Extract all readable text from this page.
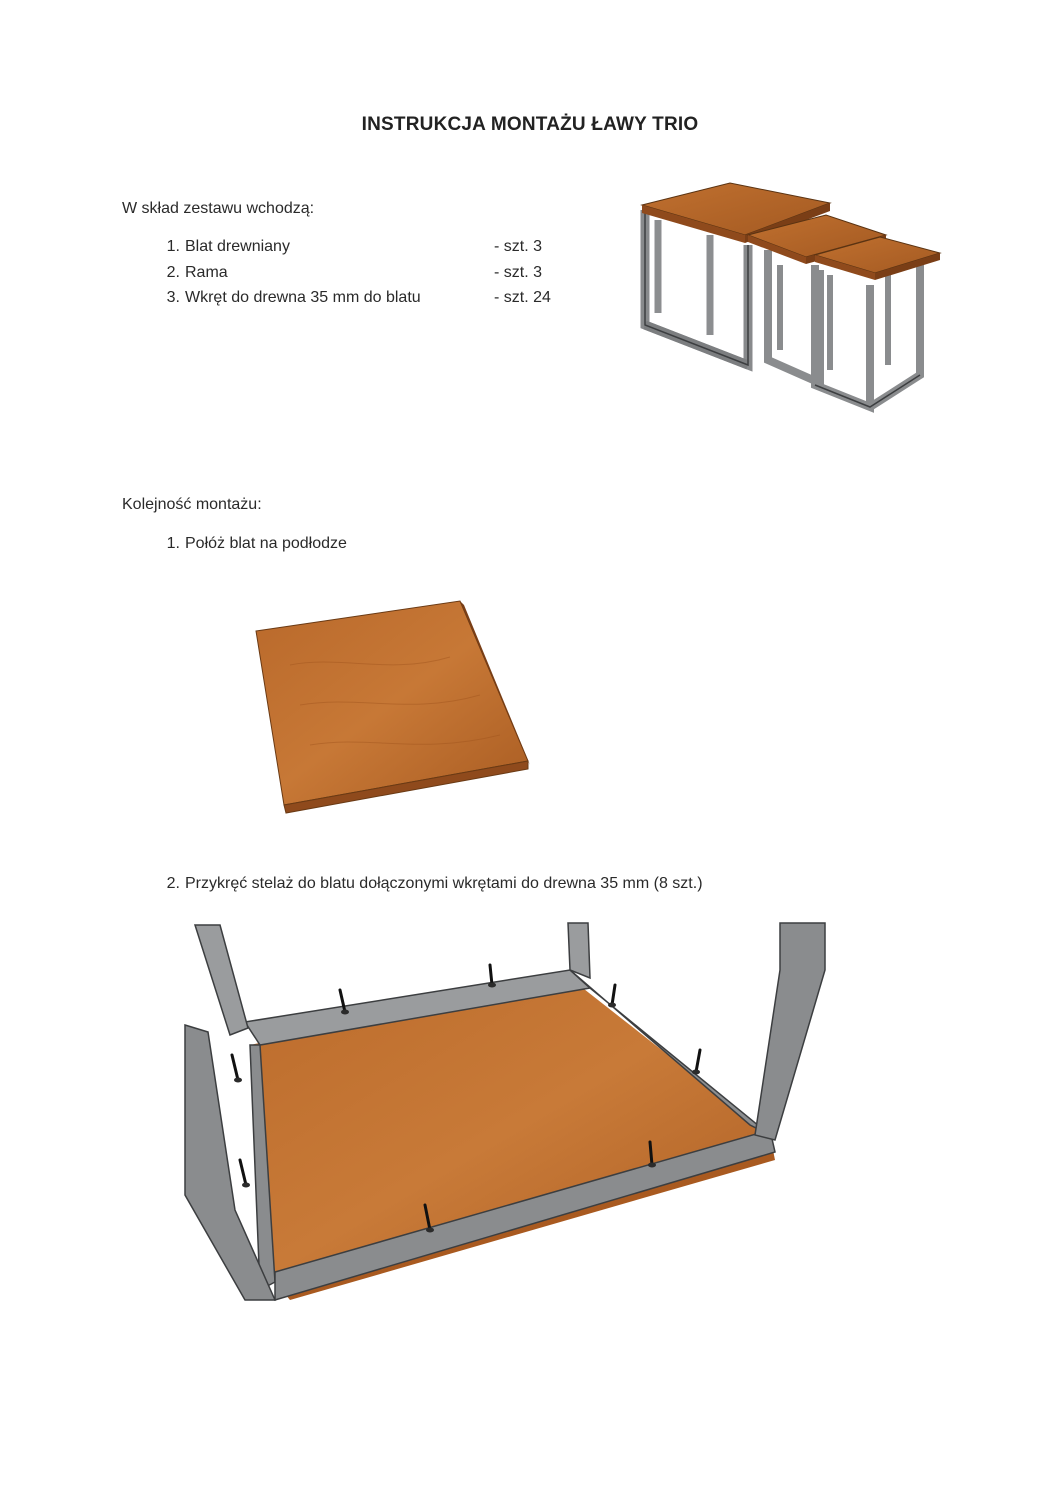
INSTRUKCJA MONTAŻU ŁAWY TRIO
W skład zestawu wchodzą:
1. Blat drewniany	- szt. 3
2. Rama	- szt. 3
3. Wkręt do drewna 35 mm do blatu	- szt. 24
Kolejność montażu:
1. Połóż blat na podłodze
2. Przykręć stelaż do blatu dołączonymi wkrętami do drewna 35 mm (8 szt.)
